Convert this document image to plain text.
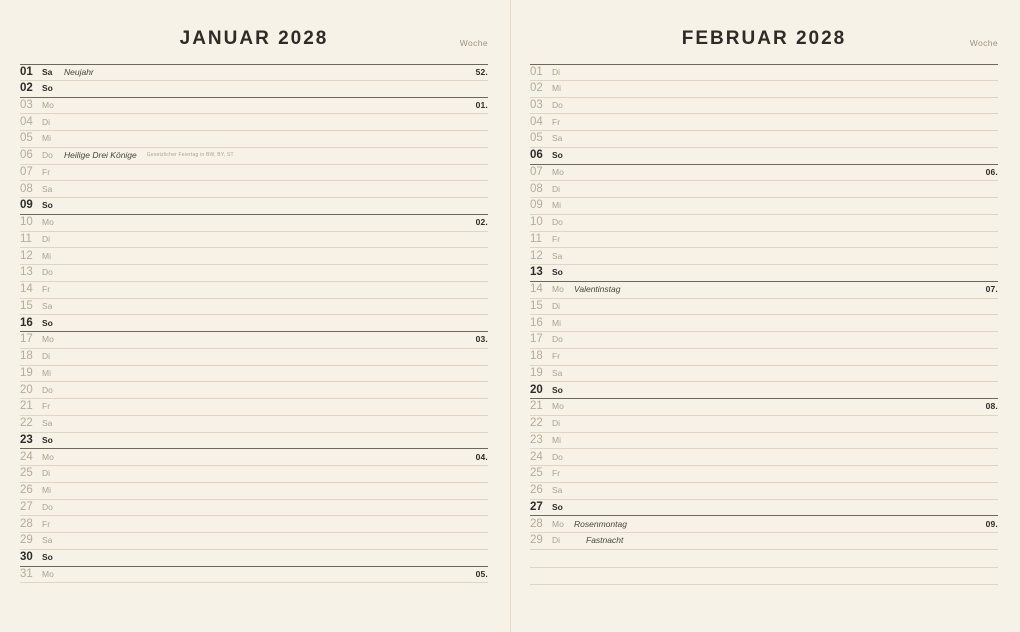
JANUAR 2028	Woche
01	Sa	Neujahr	52.
02	So
03	Mo	01.
04	Di
05	Mi
06	Do	Heilige Drei Könige Gesetzlicher Feiertag in BW, BY, ST
07	Fr
08	Sa
09	So
10	Mo	02.
11	Di
12	Mi
13	Do
14	Fr
15	Sa
16	So
17	Mo	03.
18	Di
19	Mi
20	Do
21	Fr
22	Sa
23	So
24	Mo	04.
25	Di
26	Mi
27	Do
28	Fr
29	Sa
30	So
31	Mo	05.
FEBRUAR 2028	Woche
01	Di
02	Mi
03	Do
04	Fr
05	Sa
06	So
07	Mo	06.
08	Di
09	Mi
10	Do
11	Fr
12	Sa
13	So
14	Mo	Valentinstag	07.
15	Di
16	Mi
17	Do
18	Fr
19	Sa
20	So
21	Mo	08.
22	Di
23	Mi
24	Do
25	Fr
26	Sa
27	So
28	Mo	Rosenmontag	09.
29	Di	Fastnacht
